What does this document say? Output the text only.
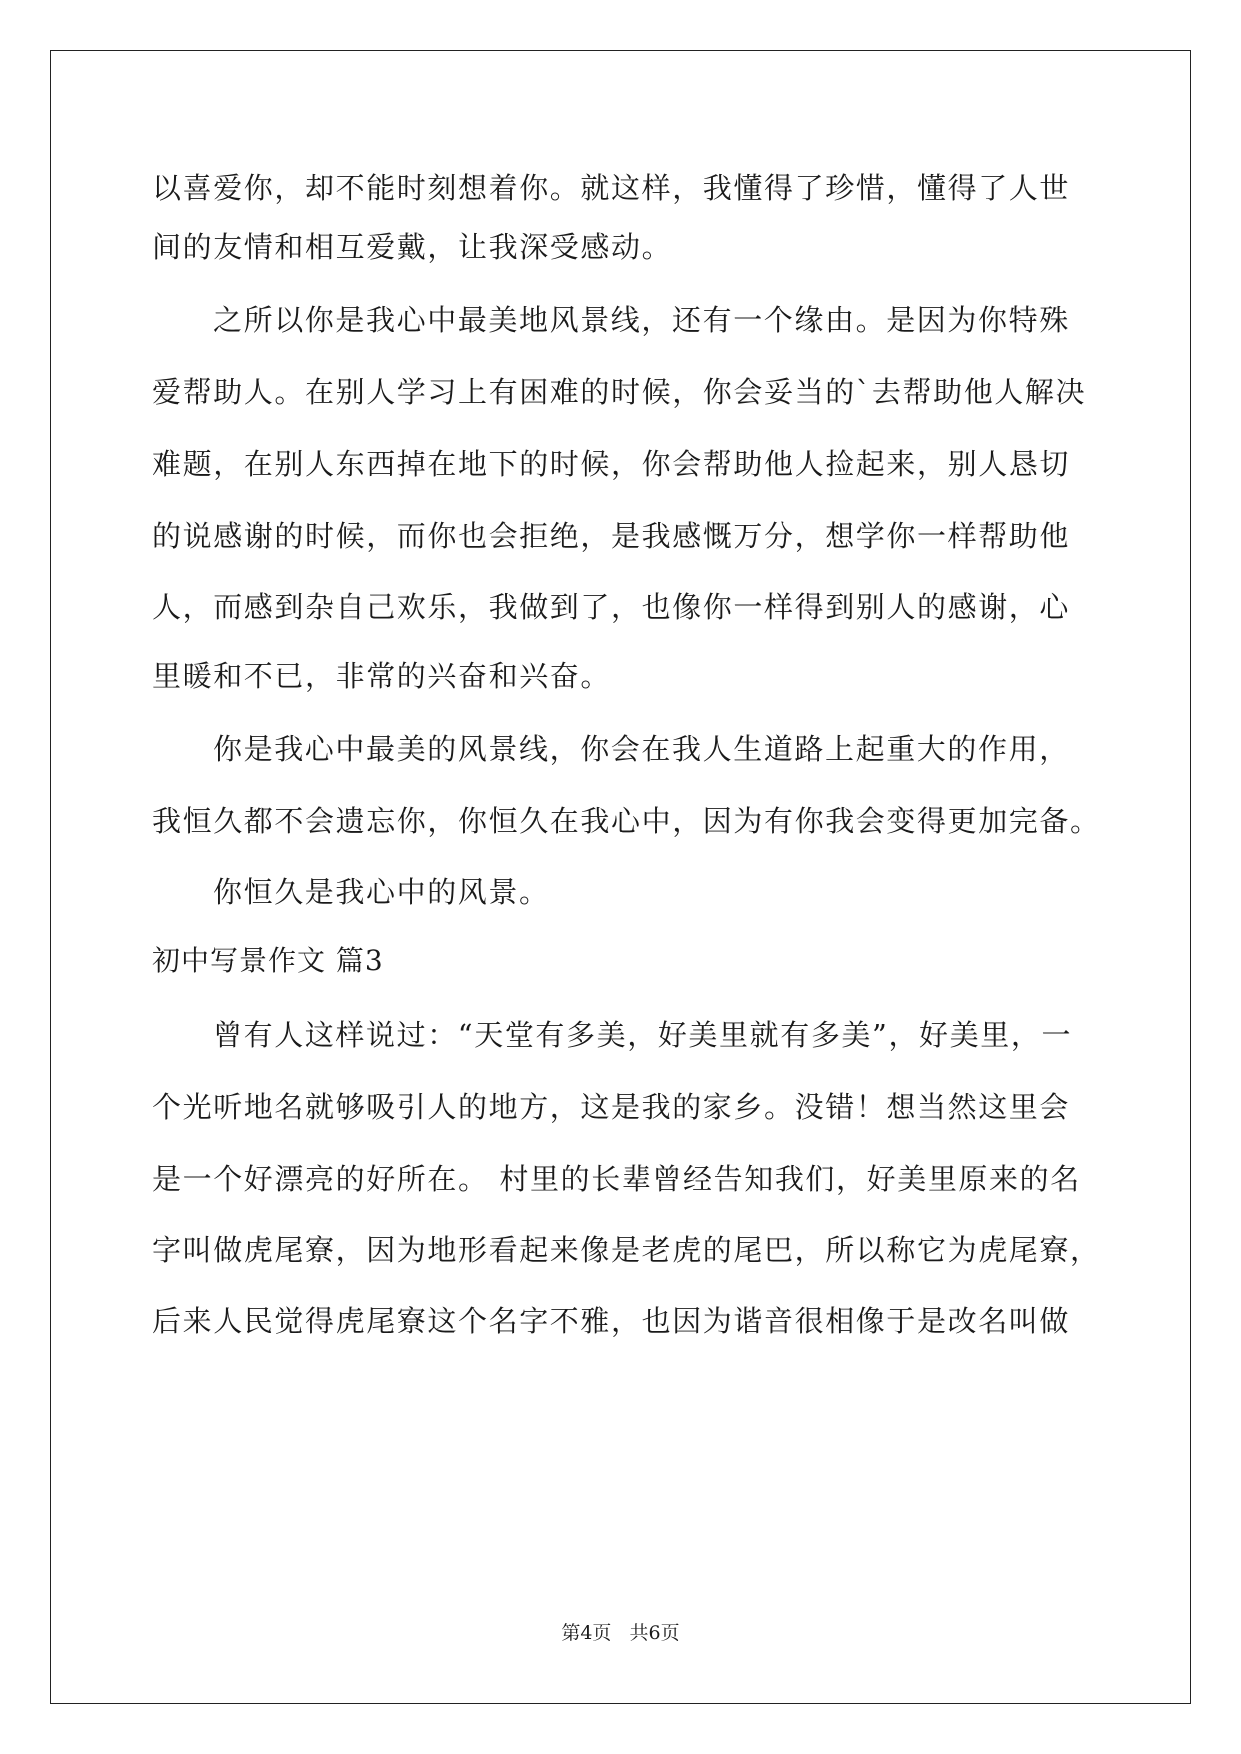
以喜爱你，却不能时刻想着你。就这样，我懂得了珍惜，懂得了人世
间的友情和相互爱戴，让我深受感动。
之所以你是我心中最美地风景线，还有一个缘由。是因为你特殊
爱帮助人。在别人学习上有困难的时候，你会妥当的`去帮助他人解决
难题，在别人东西掉在地下的时候，你会帮助他人捡起来，别人恳切
的说感谢的时候，而你也会拒绝，是我感慨万分，想学你一样帮助他
人，而感到杂自己欢乐，我做到了，也像你一样得到别人的感谢，心
里暖和不已，非常的兴奋和兴奋。
你是我心中最美的风景线，你会在我人生道路上起重大的作用，
我恒久都不会遗忘你，你恒久在我心中，因为有你我会变得更加完备。
你恒久是我心中的风景。
初中写景作文 篇3
曾有人这样说过：“天堂有多美，好美里就有多美”，好美里，一
个光听地名就够吸引人的地方，这是我的家乡。没错！想当然这里会
是一个好漂亮的好所在。 村里的长辈曾经告知我们，好美里原来的名
字叫做虎尾寮，因为地形看起来像是老虎的尾巴，所以称它为虎尾寮，
后来人民觉得虎尾寮这个名字不雅，也因为谐音很相像于是改名叫做
第4页   共6页
